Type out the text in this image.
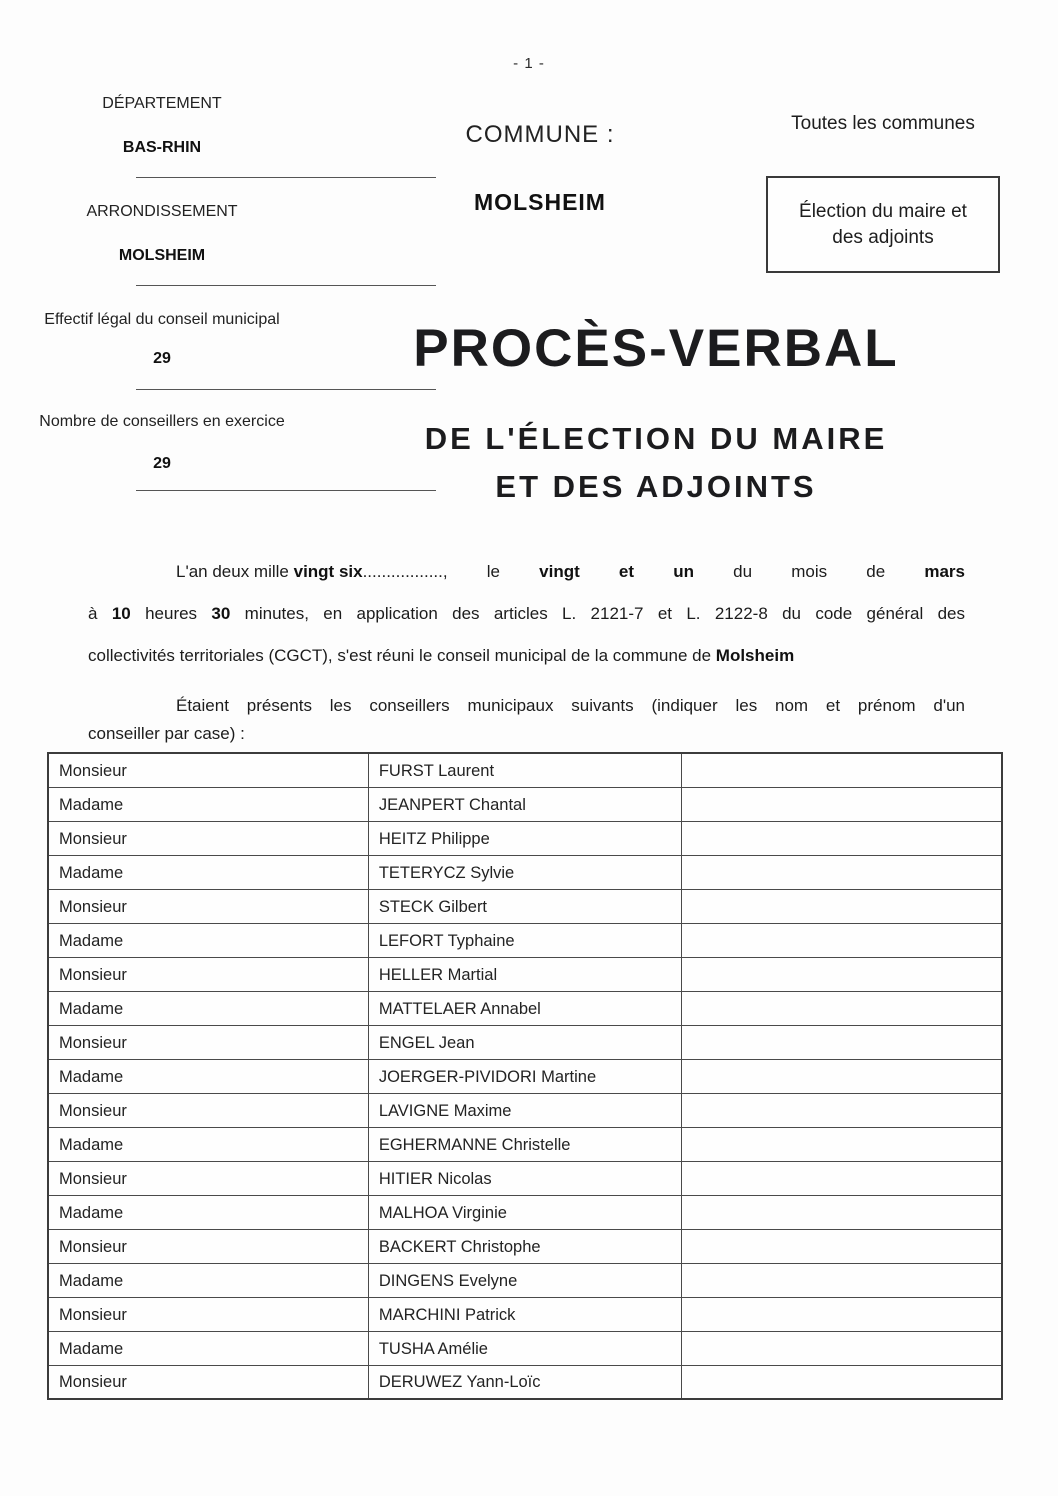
- 1 -
DÉPARTEMENT
BAS-RHIN
ARRONDISSEMENT
MOLSHEIM
Effectif légal du conseil municipal
29
Nombre de conseillers en exercice
29
COMMUNE :
MOLSHEIM
Toutes les communes
Élection du maire et
des adjoints
PROCÈS-VERBAL
DE L'ÉLECTION DU MAIRE
ET DES ADJOINTS
L'an deux mille vingt six................., le vingt et un du mois de mars
à 10 heures 30 minutes, en application des articles L. 2121-7 et L. 2122-8 du code général des
collectivités territoriales (CGCT), s'est réuni le conseil municipal de la commune de Molsheim
Étaient présents les conseillers municipaux suivants (indiquer les nom et prénom d'un
conseiller par case) :
Monsieur	FURST Laurent	
Madame	JEANPERT Chantal	
Monsieur	HEITZ Philippe	
Madame	TETERYCZ Sylvie	
Monsieur	STECK Gilbert	
Madame	LEFORT Typhaine	
Monsieur	HELLER Martial	
Madame	MATTELAER Annabel	
Monsieur	ENGEL Jean	
Madame	JOERGER-PIVIDORI Martine	
Monsieur	LAVIGNE Maxime	
Madame	EGHERMANNE Christelle	
Monsieur	HITIER Nicolas	
Madame	MALHOA Virginie	
Monsieur	BACKERT Christophe	
Madame	DINGENS Evelyne	
Monsieur	MARCHINI Patrick	
Madame	TUSHA Amélie	
Monsieur	DERUWEZ Yann-Loïc	
